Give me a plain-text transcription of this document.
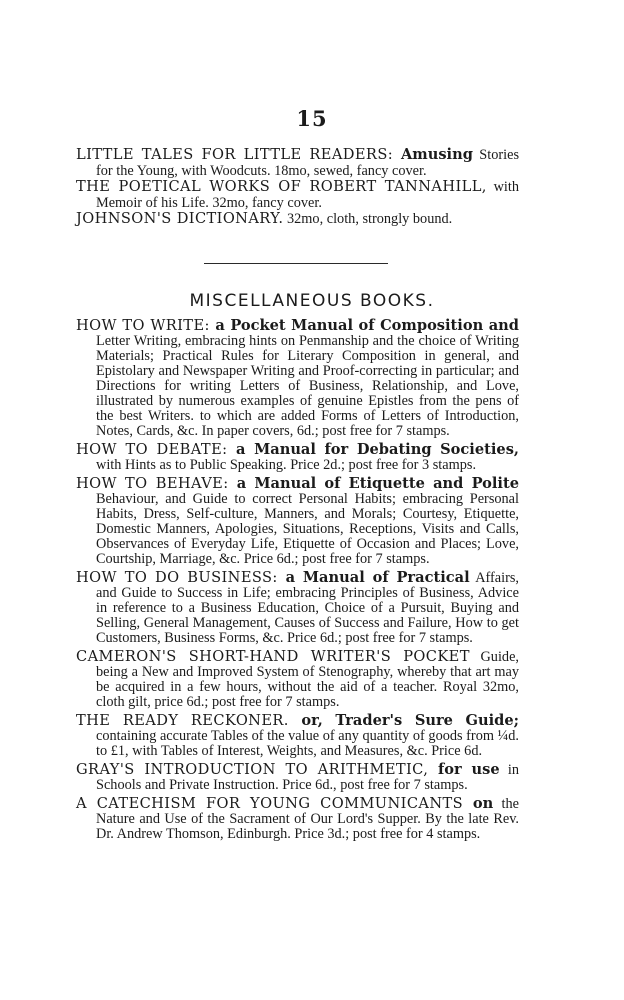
15

LITTLE TALES FOR LITTLE READERS: Amusing Stories for the Young, with Woodcuts. 18mo, sewed, fancy cover.

THE POETICAL WORKS OF ROBERT TANNAHILL, with Memoir of his Life. 32mo, fancy cover.

JOHNSON'S DICTIONARY. 32mo, cloth, strongly bound.

MISCELLANEOUS BOOKS.

HOW TO WRITE: a Pocket Manual of Composition and Letter Writing, embracing hints on Penmanship and the choice of Writing Materials; Practical Rules for Literary Composition in general, and Epistolary and Newspaper Writing and Proof-correcting in particular; and Directions for writing Letters of Business, Relationship, and Love, illustrated by numerous examples of genuine Epistles from the pens of the best Writers. to which are added Forms of Letters of Introduction, Notes, Cards, &c. In paper covers, 6d.; post free for 7 stamps.

HOW TO DEBATE: a Manual for Debating Societies, with Hints as to Public Speaking. Price 2d.; post free for 3 stamps.

HOW TO BEHAVE: a Manual of Etiquette and Polite Behaviour, and Guide to correct Personal Habits; embracing Personal Habits, Dress, Self-culture, Manners, and Morals; Courtesy, Etiquette, Domestic Manners, Apologies, Situations, Receptions, Visits and Calls, Observances of Everyday Life, Etiquette of Occasion and Places; Love, Courtship, Marriage, &c. Price 6d.; post free for 7 stamps.

HOW TO DO BUSINESS: a Manual of Practical Affairs, and Guide to Success in Life; embracing Principles of Business, Advice in reference to a Business Education, Choice of a Pursuit, Buying and Selling, General Management, Causes of Success and Failure, How to get Customers, Business Forms, &c. Price 6d.; post free for 7 stamps.

CAMERON'S SHORT-HAND WRITER'S POCKET Guide, being a New and Improved System of Stenography, whereby that art may be acquired in a few hours, without the aid of a teacher. Royal 32mo, cloth gilt, price 6d.; post free for 7 stamps.

THE READY RECKONER. or, Trader's Sure Guide; containing accurate Tables of the value of any quantity of goods from ¼d. to £1, with Tables of Interest, Weights, and Measures, &c. Price 6d.

GRAY'S INTRODUCTION TO ARITHMETIC, for use in Schools and Private Instruction. Price 6d., post free for 7 stamps.

A CATECHISM FOR YOUNG COMMUNICANTS on the Nature and Use of the Sacrament of Our Lord's Supper. By the late Rev. Dr. Andrew Thomson, Edinburgh. Price 3d.; post free for 4 stamps.
